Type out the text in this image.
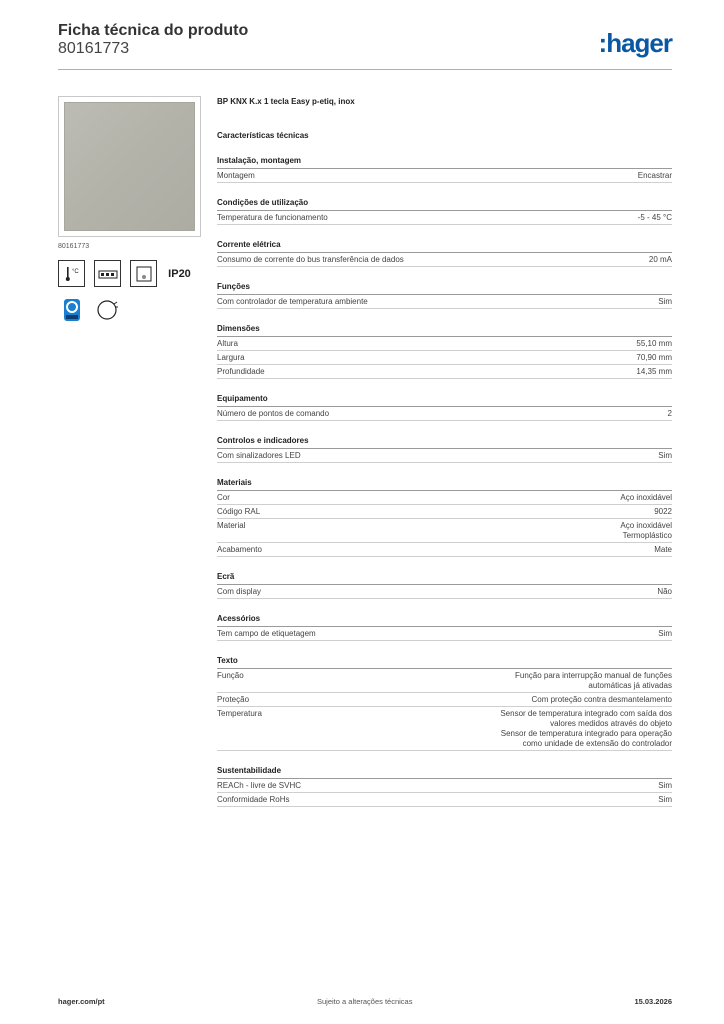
Ficha técnica do produto
80161773	:hager
80161773
°C	IP20
BP KNX K.x 1 tecla Easy p-etiq, inox
Características técnicas
Instalação, montagem
Montagem	Encastrar
Condições de utilização
Temperatura de funcionamento	-5 - 45 °C
Corrente elétrica
Consumo de corrente do bus transferência de dados	20 mA
Funções
Com controlador de temperatura ambiente	Sim
Dimensões
Altura	55,10 mm
Largura	70,90 mm
Profundidade	14,35 mm
Equipamento
Número de pontos de comando	2
Controlos e indicadores
Com sinalizadores LED	Sim
Materiais
Cor	Aço inoxidável
Código RAL	9022
Material	Aço inoxidável
Termoplástico
Acabamento	Mate
Ecrã
Com display	Não
Acessórios
Tem campo de etiquetagem	Sim
Texto
Função	Função para interrupção manual de funções
automáticas já ativadas
Proteção	Com proteção contra desmantelamento
Temperatura	Sensor de temperatura integrado com saída dos
valores medidos através do objeto
Sensor de temperatura integrado para operação
como unidade de extensão do controlador
Sustentabilidade
REACh - livre de SVHC	Sim
Conformidade RoHs	Sim
hager.com/pt	Sujeito a alterações técnicas	15.03.2026
